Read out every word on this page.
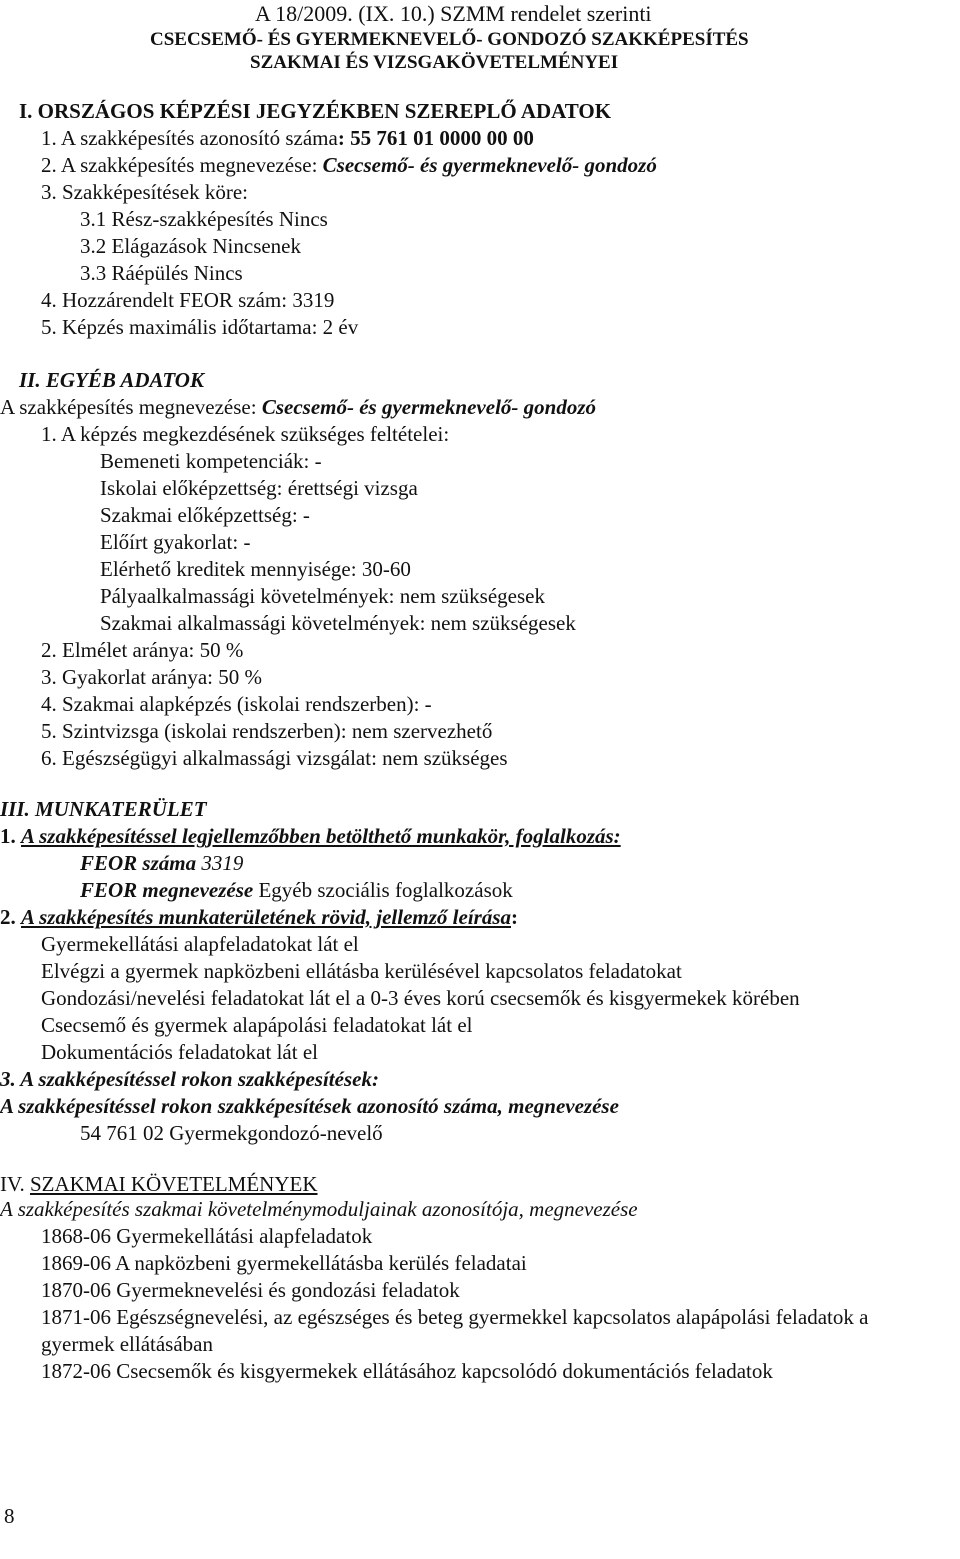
A 18/2009. (IX. 10.) SZMM rendelet szerinti
CSECSEMŐ- ÉS GYERMEKNEVELŐ- GONDOZÓ SZAKKÉPESÍTÉS
SZAKMAI ÉS VIZSGAKÖVETELMÉNYEI
I. ORSZÁGOS KÉPZÉSI JEGYZÉKBEN SZEREPLŐ ADATOK
1. A szakképesítés azonosító száma: 55 761 01 0000 00 00
2. A szakképesítés megnevezése: Csecsemő- és gyermeknevelő- gondozó
3. Szakképesítések köre:
3.1 Rész-szakképesítés Nincs
3.2 Elágazások Nincsenek
3.3 Ráépülés Nincs
4. Hozzárendelt FEOR szám: 3319
5. Képzés maximális időtartama: 2 év
II. EGYÉB ADATOK
A szakképesítés megnevezése: Csecsemő- és gyermeknevelő- gondozó
1. A képzés megkezdésének szükséges feltételei:
Bemeneti kompetenciák: -
Iskolai előképzettség: érettségi vizsga
Szakmai előképzettség: -
Előírt gyakorlat: -
Elérhető kreditek mennyisége: 30-60
Pályaalkalmassági követelmények: nem szükségesek
Szakmai alkalmassági követelmények: nem szükségesek
2. Elmélet aránya: 50 %
3. Gyakorlat aránya: 50 %
4. Szakmai alapképzés (iskolai rendszerben): -
5. Szintvizsga (iskolai rendszerben): nem szervezhető
6. Egészségügyi alkalmassági vizsgálat: nem szükséges
III. MUNKATERÜLET
1. A szakképesítéssel legjellemzőbben betölthető munkakör, foglalkozás:
FEOR száma 3319
FEOR megnevezése Egyéb szociális foglalkozások
2. A szakképesítés munkaterületének rövid, jellemző leírása:
Gyermekellátási alapfeladatokat lát el
Elvégzi a gyermek napközbeni ellátásba kerülésével kapcsolatos feladatokat
Gondozási/nevelési feladatokat lát el a 0-3 éves korú csecsemők és kisgyermekek körében
Csecsemő és gyermek alapápolási feladatokat lát el
Dokumentációs feladatokat lát el
3. A szakképesítéssel rokon szakképesítések:
A szakképesítéssel rokon szakképesítések azonosító száma, megnevezése
54 761 02 Gyermekgondozó-nevelő
IV. SZAKMAI KÖVETELMÉNYEK
A szakképesítés szakmai követelménymoduljainak azonosítója, megnevezése
1868-06 Gyermekellátási alapfeladatok
1869-06 A napközbeni gyermekellátásba kerülés feladatai
1870-06 Gyermeknevelési és gondozási feladatok
1871-06 Egészségnevelési, az egészséges és beteg gyermekkel kapcsolatos alapápolási feladatok a
gyermek ellátásában
1872-06 Csecsemők és kisgyermekek ellátásához kapcsolódó dokumentációs feladatok
8
